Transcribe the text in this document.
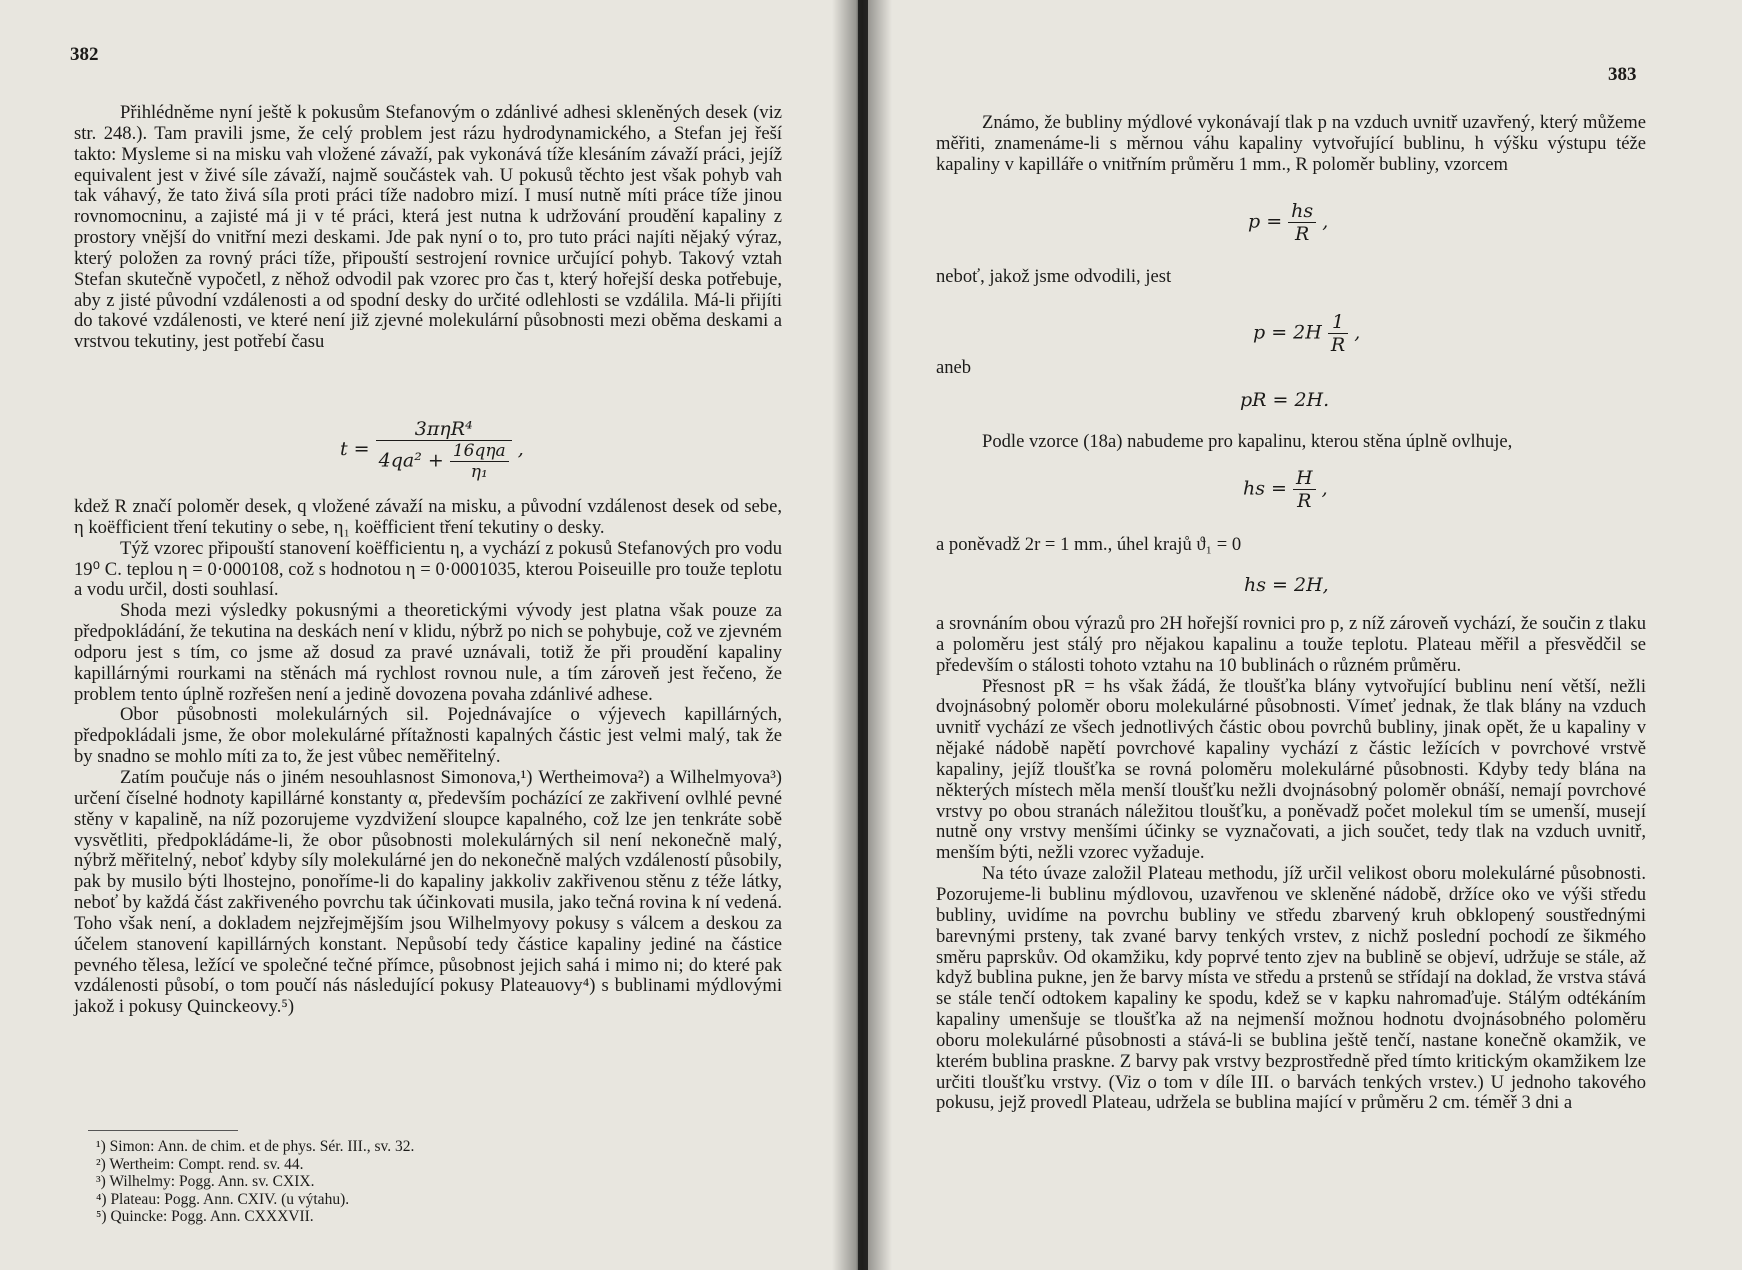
382

Přihlédněme nyní ještě k pokusům Stefanovým o zdánlivé adhesi skleněných desek (viz str. 248.). Tam pravili jsme, že celý problem jest rázu hydrodynamického, a Stefan jej řeší takto: Mysleme si na misku vah vložené závaží, pak vykonává tíže klesáním závaží práci, jejíž equivalent jest v živé síle závaží, najmě součástek vah. U pokusů těchto jest však pohyb vah tak váhavý, že tato živá síla proti práci tíže nadobro mizí. I musí nutně míti práce tíže jinou rovnomocninu, a zajisté má ji v té práci, která jest nutna k udržování proudění kapaliny z prostory vnější do vnitřní mezi deskami. Jde pak nyní o to, pro tuto práci najíti nějaký výraz, který položen za rovný práci tíže, připouští sestrojení rovnice určující pohyb. Takový vztah Stefan skutečně vypočetl, z něhož odvodil pak vzorec pro čas t, který hořejší deska potřebuje, aby z jisté původní vzdálenosti a od spodní desky do určité odlehlosti se vzdálila. Má-li přijíti do takové vzdálenosti, ve které není již zjevné molekulární působnosti mezi oběma deskami a vrstvou tekutiny, jest potřebí času

$t = \frac{\text{3πηR⁴}}{4qa^2 + \frac{\text{16qηa}}{\text{η₁}}}$ ,

kdež R značí poloměr desek, q vložené závaží na misku, a původní vzdálenost desek od sebe, η koëfficient tření tekutiny o sebe, η₁ koëfficient tření tekutiny o desky.

Týž vzorec připouští stanovení koëfficientu η, a vychází z pokusů Stefanových pro vodu 19⁰ C. teplou η = 0·000108, což s hodnotou η = 0·0001035, kterou Poiseuille pro touže teplotu a vodu určil, dosti souhlasí.

Shoda mezi výsledky pokusnými a theoretickými vývody jest platna však pouze za předpokládání, že tekutina na deskách není v klidu, nýbrž po nich se pohybuje, což ve zjevném odporu jest s tím, co jsme až dosud za pravé uznávali, totiž že při proudění kapaliny kapillárnými rourkami na stěnách má rychlost rovnou nule, a tím zároveň jest řečeno, že problem tento úplně rozřešen není a jedině dovozena povaha zdánlivé adhese.

Obor působnosti molekulárných sil. Pojednávajíce o výjevech kapillárných, předpokládali jsme, že obor molekulárné přítažnosti kapalných částic jest velmi malý, tak že by snadno se mohlo míti za to, že jest vůbec neměřitelný.

Zatím poučuje nás o jiném nesouhlasnost Simonova,¹) Wertheimova²) a Wilhelmyova³) určení číselné hodnoty kapillárné konstanty α, především pocházící ze zakřivení ovlhlé pevné stěny v kapalině, na níž pozorujeme vyzdvižení sloupce kapalného, což lze jen tenkráte sobě vysvětliti, předpokládáme-li, že obor působnosti molekulárných sil není nekonečně malý, nýbrž měřitelný, neboť kdyby síly molekulárné jen do nekonečně malých vzdáleností působily, pak by musilo býti lhostejno, ponoříme-li do kapaliny jakkoliv zakřivenou stěnu z téže látky, neboť by každá část zakřiveného povrchu tak účinkovati musila, jako tečná rovina k ní vedená. Toho však není, a dokladem nejzřejmějším jsou Wilhelmyovy pokusy s válcem a deskou za účelem stanovení kapillárných konstant. Nepůsobí tedy částice kapaliny jediné na částice pevného tělesa, ležící ve společné tečné přímce, působnost jejich sahá i mimo ni; do které pak vzdálenosti působí, o tom poučí nás následující pokusy Plateauovy⁴) s bublinami mýdlovými jakož i pokusy Quinckeovy.⁵)

¹) Simon: Ann. de chim. et de phys. Sér. III., sv. 32.
²) Wertheim: Compt. rend. sv. 44.
³) Wilhelmy: Pogg. Ann. sv. CXIX.
⁴) Plateau: Pogg. Ann. CXIV. (u výtahu).
⁵) Quincke: Pogg. Ann. CXXXVII.
383

Známo, že bubliny mýdlové vykonávají tlak p na vzduch uvnitř uzavřený, který můžeme měřiti, znamenáme-li s měrnou váhu kapaliny vytvořující bublinu, h výšku výstupu téže kapaliny v kapilláře o vnitřním průměru 1 mm., R poloměr bubliny, vzorcem

$p = \frac{hs}{R}$ ,

neboť, jakož jsme odvodili, jest

$p = 2H \frac{1}{R}$ ,

aneb

pR = 2H.

Podle vzorce (18a) nabudeme pro kapalinu, kterou stěna úplně ovlhuje,

hs = $\frac{H}{R}$ ,

a poněvadž 2r = 1 mm., úhel krajů ϑ₁ = 0

hs = 2H,

a srovnáním obou výrazů pro 2H hořejší rovnici pro p, z níž zároveň vychází, že součin z tlaku a poloměru jest stálý pro nějakou kapalinu a touže teplotu. Plateau měřil a přesvědčil se především o stálosti tohoto vztahu na 10 bublinách o různém průměru.

Přesnost pR = hs však žádá, že tloušťka blány vytvořující bublinu není větší, nežli dvojnásobný poloměr oboru molekulárné působnosti. Vímeť jednak, že tlak blány na vzduch uvnitř vychází ze všech jednotlivých částic obou povrchů bubliny, jinak opět, že u kapaliny v nějaké nádobě napětí povrchové kapaliny vychází z částic ležících v povrchové vrstvě kapaliny, jejíž tloušťka se rovná poloměru molekulárné působnosti. Kdyby tedy blána na některých místech měla menší tloušťku nežli dvojnásobný poloměr obnáší, nemají povrchové vrstvy po obou stranách náležitou tloušťku, a poněvadž počet molekul tím se umenší, musejí nutně ony vrstvy menšími účinky se vyznačovati, a jich součet, tedy tlak na vzduch uvnitř, menším býti, nežli vzorec vyžaduje.

Na této úvaze založil Plateau methodu, jíž určil velikost oboru molekulárné působnosti. Pozorujeme-li bublinu mýdlovou, uzavřenou ve skleněné nádobě, držíce oko ve výši středu bubliny, uvidíme na povrchu bubliny ve středu zbarvený kruh obklopený soustřednými barevnými prsteny, tak zvané barvy tenkých vrstev, z nichž poslední pochodí ze šikmého směru paprskův. Od okamžiku, kdy poprvé tento zjev na bublině se objeví, udržuje se stále, až když bublina pukne, jen že barvy místa ve středu a prstenů se střídají na doklad, že vrstva stává se stále tenčí odtokem kapaliny ke spodu, kdež se v kapku nahromaďuje. Stálým odtékáním kapaliny umenšuje se tloušťka až na nejmenší možnou hodnotu dvojnásobného poloměru oboru molekulárné působnosti a stává-li se bublina ještě tenčí, nastane konečně okamžik, ve kterém bublina praskne. Z barvy pak vrstvy bezprostředně před tímto kritickým okamžikem lze určiti tloušťku vrstvy. (Viz o tom v díle III. o barvách tenkých vrstev.) U jednoho takového pokusu, jejž provedl Plateau, udržela se bublina mající v průměru 2 cm. téměř 3 dni a
